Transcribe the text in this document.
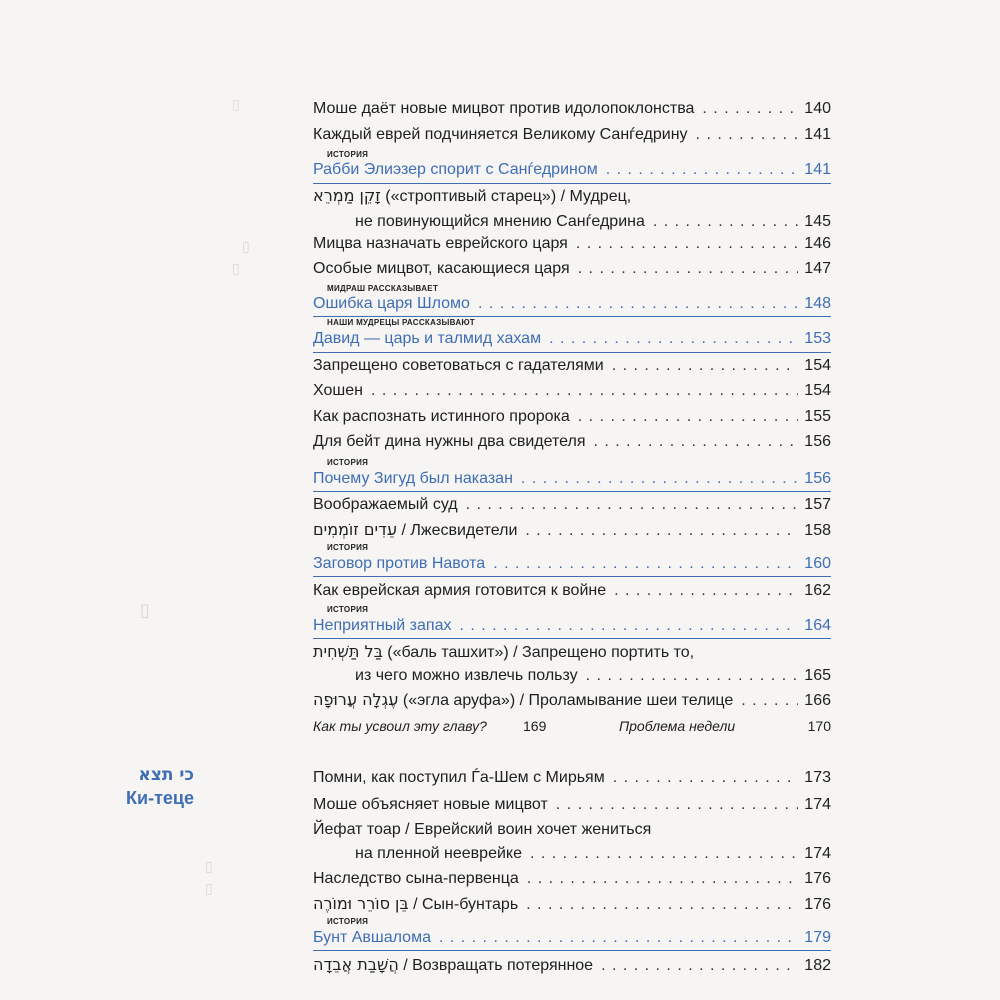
▯
▯
▯
▯
▯
▯
Моше даёт новые мицвот против идолопоклонства . . .	140
Каждый еврей подчиняется Великому Санѓедрину . . .	141
ИСТОРИЯ
Рабби Элиэзер спорит с Санѓедрином . . .	141
זָקֵן מַמְרֵא («строптивый старец») / Мудрец,
не повинующийся мнению Санѓедрина . . .	145
Мицва назначать еврейского царя . . .	146
Особые мицвот, касающиеся царя . . .	147
МИДРАШ РАССКАЗЫВАЕТ
Ошибка царя Шломо . . .	148
НАШИ МУДРЕЦЫ РАССКАЗЫВАЮТ
Давид — царь и талмид хахам . . .	153
Запрещено советоваться с гадателями . . .	154
Хошен . . .	154
Как распознать истинного пророка . . .	155
Для бейт дина нужны два свидетеля . . .	156
ИСТОРИЯ
Почему Зигуд был наказан . . .	156
Воображаемый суд . . .	157
עֵדִים זוֹמְמִים / Лжесвидетели . . .	158
ИСТОРИЯ
Заговор против Навота . . .	160
Как еврейская армия готовится к войне . . .	162
ИСТОРИЯ
Неприятный запах . . .	164
בַּל תַּשְׁחִית («баль ташхит») / Запрещено портить то,
из чего можно извлечь пользу . . .	165
עֶגְלָה עֲרוּפָה («эгла аруфа») / Проламывание шеи телице . . .	166
Как ты усвоил эту главу?	169	Проблема недели	170
Помни, как поступил Ѓа-Шем с Мирьям . . .	173
Моше объясняет новые мицвот . . .	174
Йефат тоар / Еврейский воин хочет жениться
на пленной нееврейке . . .	174
Наследство сына-первенца . . .	176
בֵּן סוֹרֵר וּמוֹרֶה / Сын-бунтарь . . .	176
ИСТОРИЯ
Бунт Авшалома . . .	179
הֲשָׁבַת אֲבֵדָה / Возвращать потерянное . . .	182
כי תצא
Ки-теце
